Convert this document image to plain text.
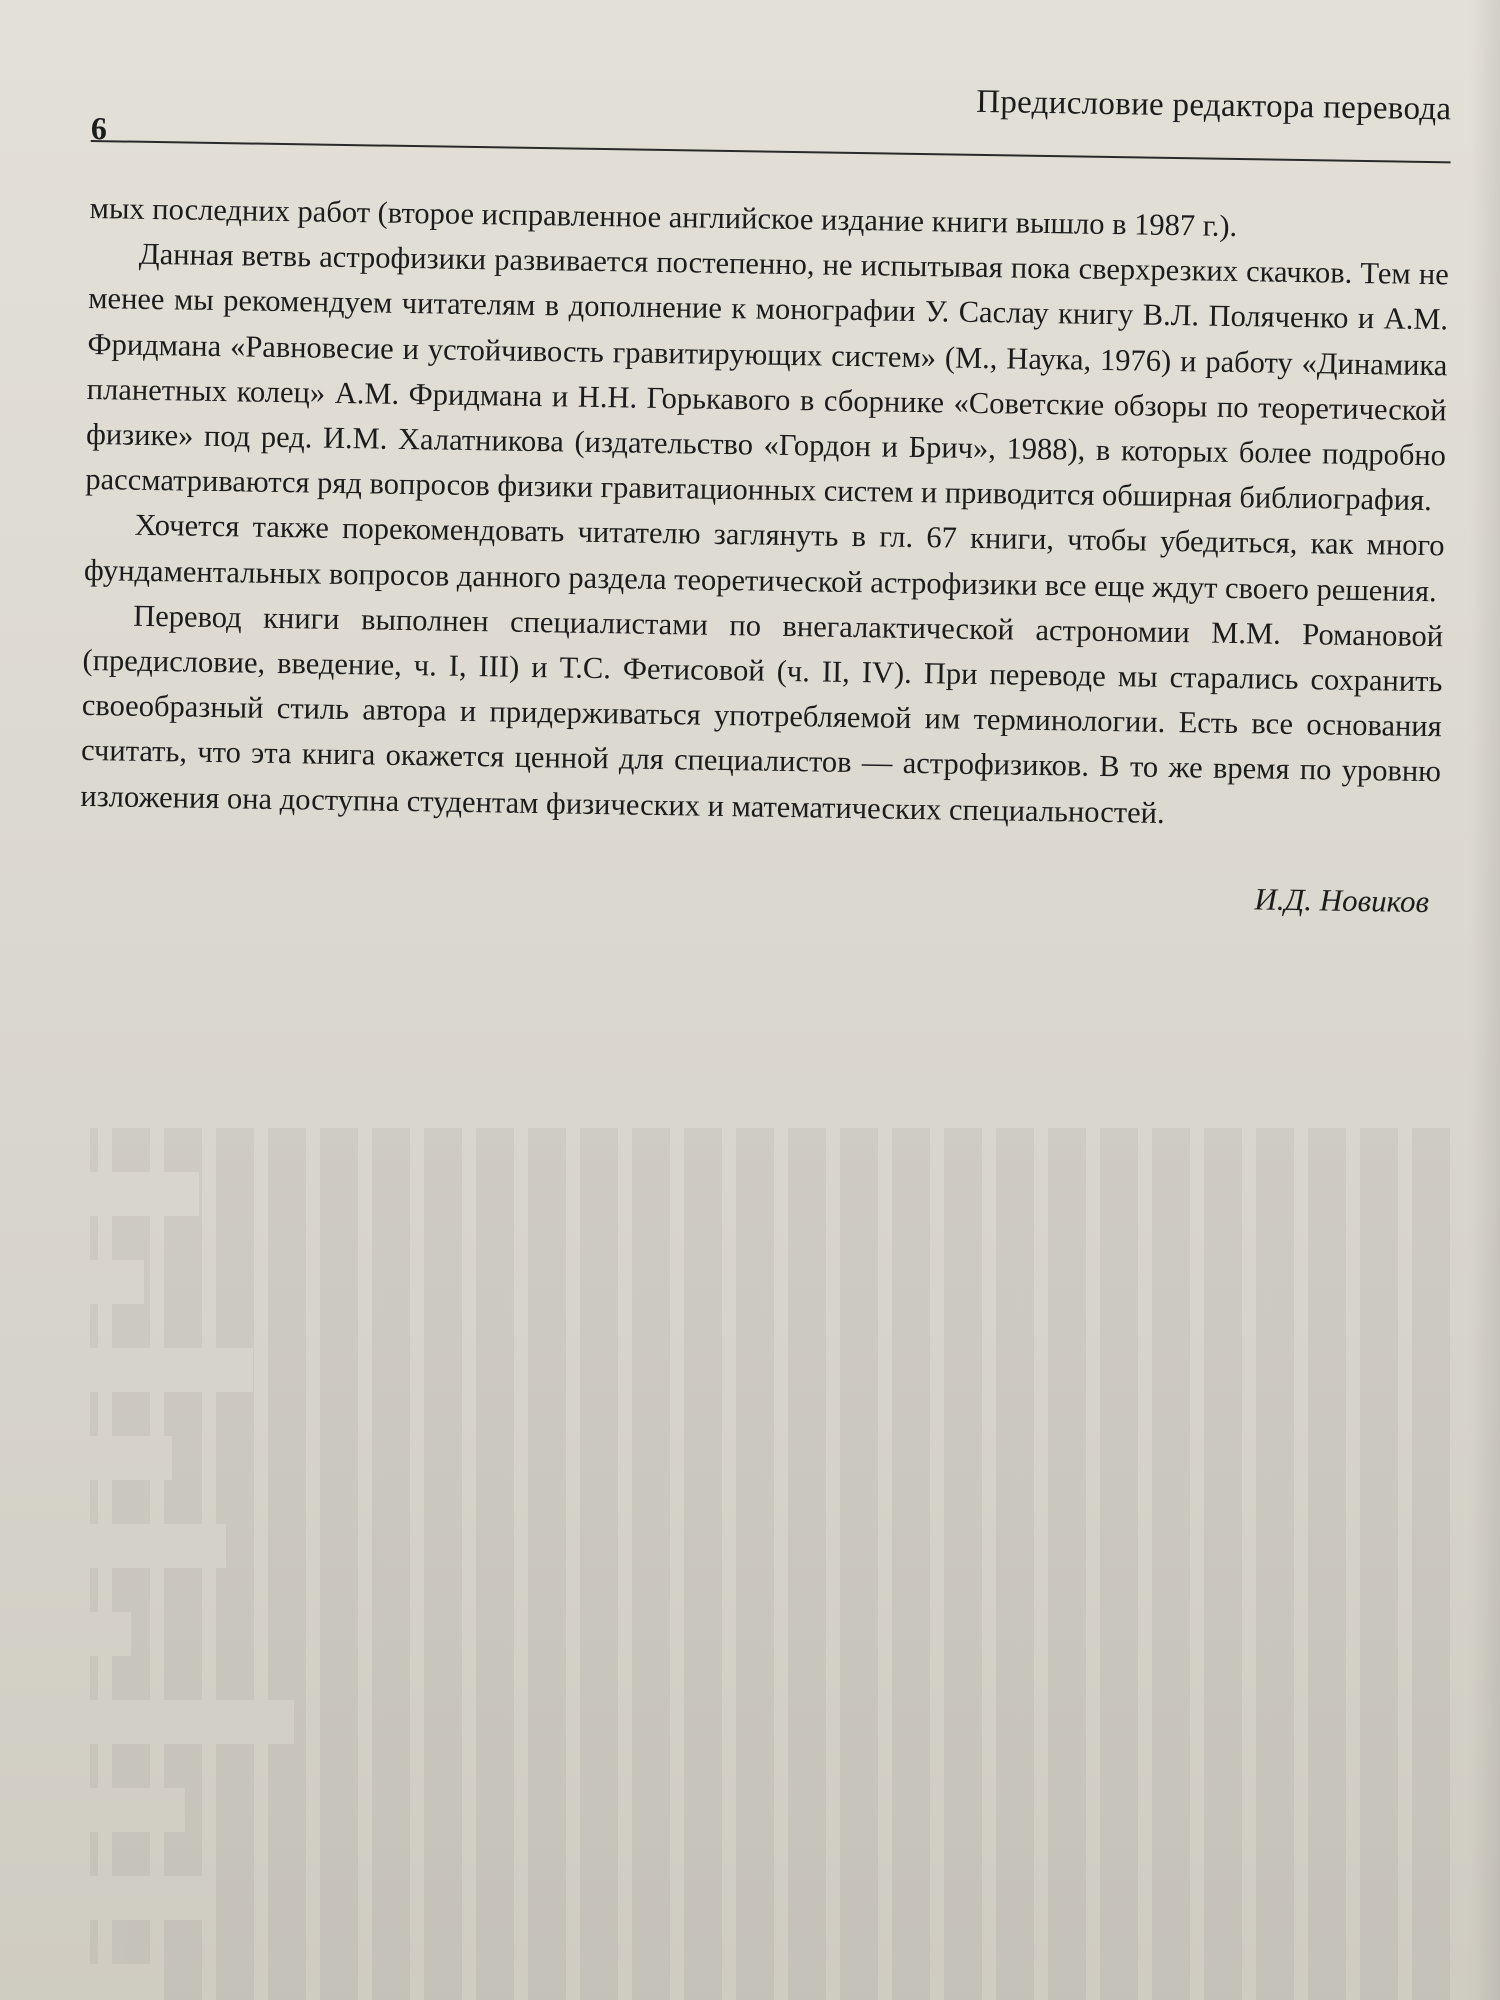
6
Предисловие редактора перевода

мых последних работ (второе исправленное английское издание книги вышло в 1987 г.).

Данная ветвь астрофизики развивается постепенно, не испытывая пока сверхрезких скачков. Тем не менее мы рекомендуем читателям в дополнение к монографии У. Саслау книгу В.Л. Поляченко и А.М. Фридмана «Равновесие и устойчивость гравитирующих систем» (М., Наука, 1976) и работу «Динамика планетных колец» А.М. Фридмана и Н.Н. Горькавого в сборнике «Советские обзоры по теоретической физике» под ред. И.М. Халатникова (издательство «Гордон и Брич», 1988), в которых более подробно рассматриваются ряд вопросов физики гравитационных систем и приводится обширная библиография.

Хочется также порекомендовать читателю заглянуть в гл. 67 книги, чтобы убедиться, как много фундаментальных вопросов данного раздела теоретической астрофизики все еще ждут своего решения.

Перевод книги выполнен специалистами по внегалактической астрономии М.М. Романовой (предисловие, введение, ч. I, III) и Т.С. Фетисовой (ч. II, IV). При переводе мы старались сохранить своеобразный стиль автора и придерживаться употребляемой им терминологии. Есть все основания считать, что эта книга окажется ценной для специалистов — астрофизиков. В то же время по уровню изложения она доступна студентам физических и математических специальностей.

И.Д. Новиков
